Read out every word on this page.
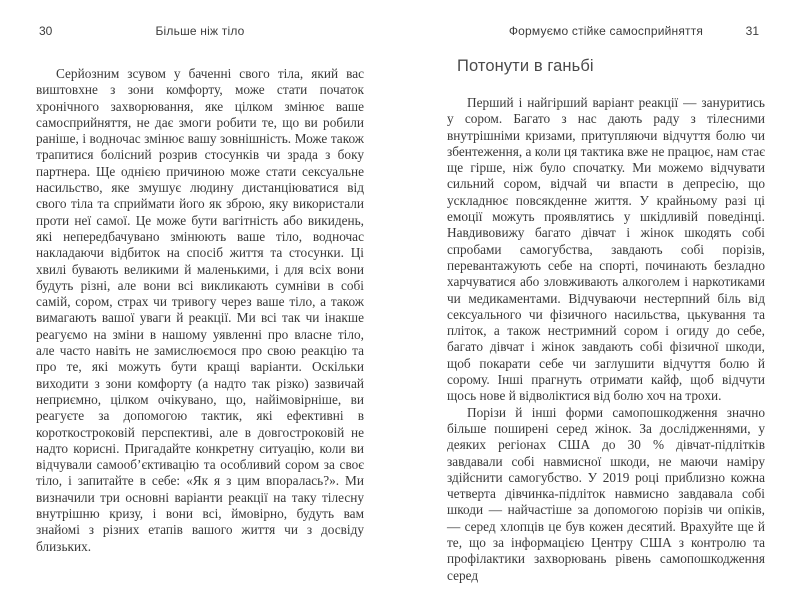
30	Більше ніж тіло

Серйозним зсувом у баченні свого тіла, який вас виштовхне з зони комфорту, може стати початок хронічного захворювання, яке цілком змінює ваше самосприйняття, не дає змоги робити те, що ви робили раніше, і водночас змінює вашу зовнішність. Може також трапитися болісний розрив стосунків чи зрада з боку партнера. Ще однією причиною може стати сексуальне насильство, яке змушує людину дистанціюватися від свого тіла та сприймати його як зброю, яку використали проти неї самої. Це може бути вагітність або викидень, які непередбачувано змінюють ваше тіло, водночас накладаючи відбиток на спосіб життя та стосунки. Ці хвилі бувають великими й маленькими, і для всіх вони будуть різні, але вони всі викликають сумніви в собі самій, сором, страх чи тривогу через ваше тіло, а також вимагають вашої уваги й реакції. Ми всі так чи інакше реагуємо на зміни в нашому уявленні про власне тіло, але часто навіть не замислюємося про свою реакцію та про те, які можуть бути кращі варіанти. Оскільки виходити з зони комфорту (а надто так різко) зазвичай неприємно, цілком очікувано, що, найімовірніше, ви реагуєте за допомогою тактик, які ефективні в короткостроковій перспективі, але в довгостроковій не надто корисні. Пригадайте конкретну ситуацію, коли ви відчували самооб’єктивацію та особливий сором за своє тіло, і запитайте в себе: «Як я з цим впоралась?». Ми визначили три основні варіанти реакції на таку тілесну внутрішню кризу, і вони всі, ймовірно, будуть вам знайомі з різних етапів вашого життя чи з досвіду близьких.

Формуємо стійке самосприйняття	31
Потонути в ганьбі

Перший і найгірший варіант реакції — зануритись у сором. Багато з нас дають раду з тілесними внутрішніми кризами, притупляючи відчуття болю чи збентеження, а коли ця тактика вже не працює, нам стає ще гірше, ніж було спочатку. Ми можемо відчувати сильний сором, відчай чи впасти в депресію, що ускладнює повсякденне життя. У крайньому разі ці емоції можуть проявлятись у шкідливій поведінці. Навдивовижу багато дівчат і жінок шкодять собі спробами самогубства, завдають собі порізів, перевантажують себе на спорті, починають безладно харчуватися або зловживають алкоголем і наркотиками чи медикаментами. Відчуваючи нестерпний біль від сексуального чи фізичного насильства, цькування та пліток, а також нестримний сором і огиду до себе, багато дівчат і жінок завдають собі фізичної шкоди, щоб покарати себе чи заглушити відчуття болю й сорому. Інші прагнуть отримати кайф, щоб відчути щось нове й відволіктися від болю хоч на трохи.

Порізи й інші форми самопошкодження значно більше поширені серед жінок. За дослідженнями, у деяких регіонах США до 30 % дівчат-підлітків завдавали собі навмисної шкоди, не маючи наміру здійснити самогубство. У 2019 році приблизно кожна четверта дівчинка-підліток навмисно завдавала собі шкоди — найчастіше за допомогою порізів чи опіків, — серед хлопців це був кожен десятий. Врахуйте ще й те, що за інформацією Центру США з контролю та профілактики захворювань рівень самопошкодження серед
